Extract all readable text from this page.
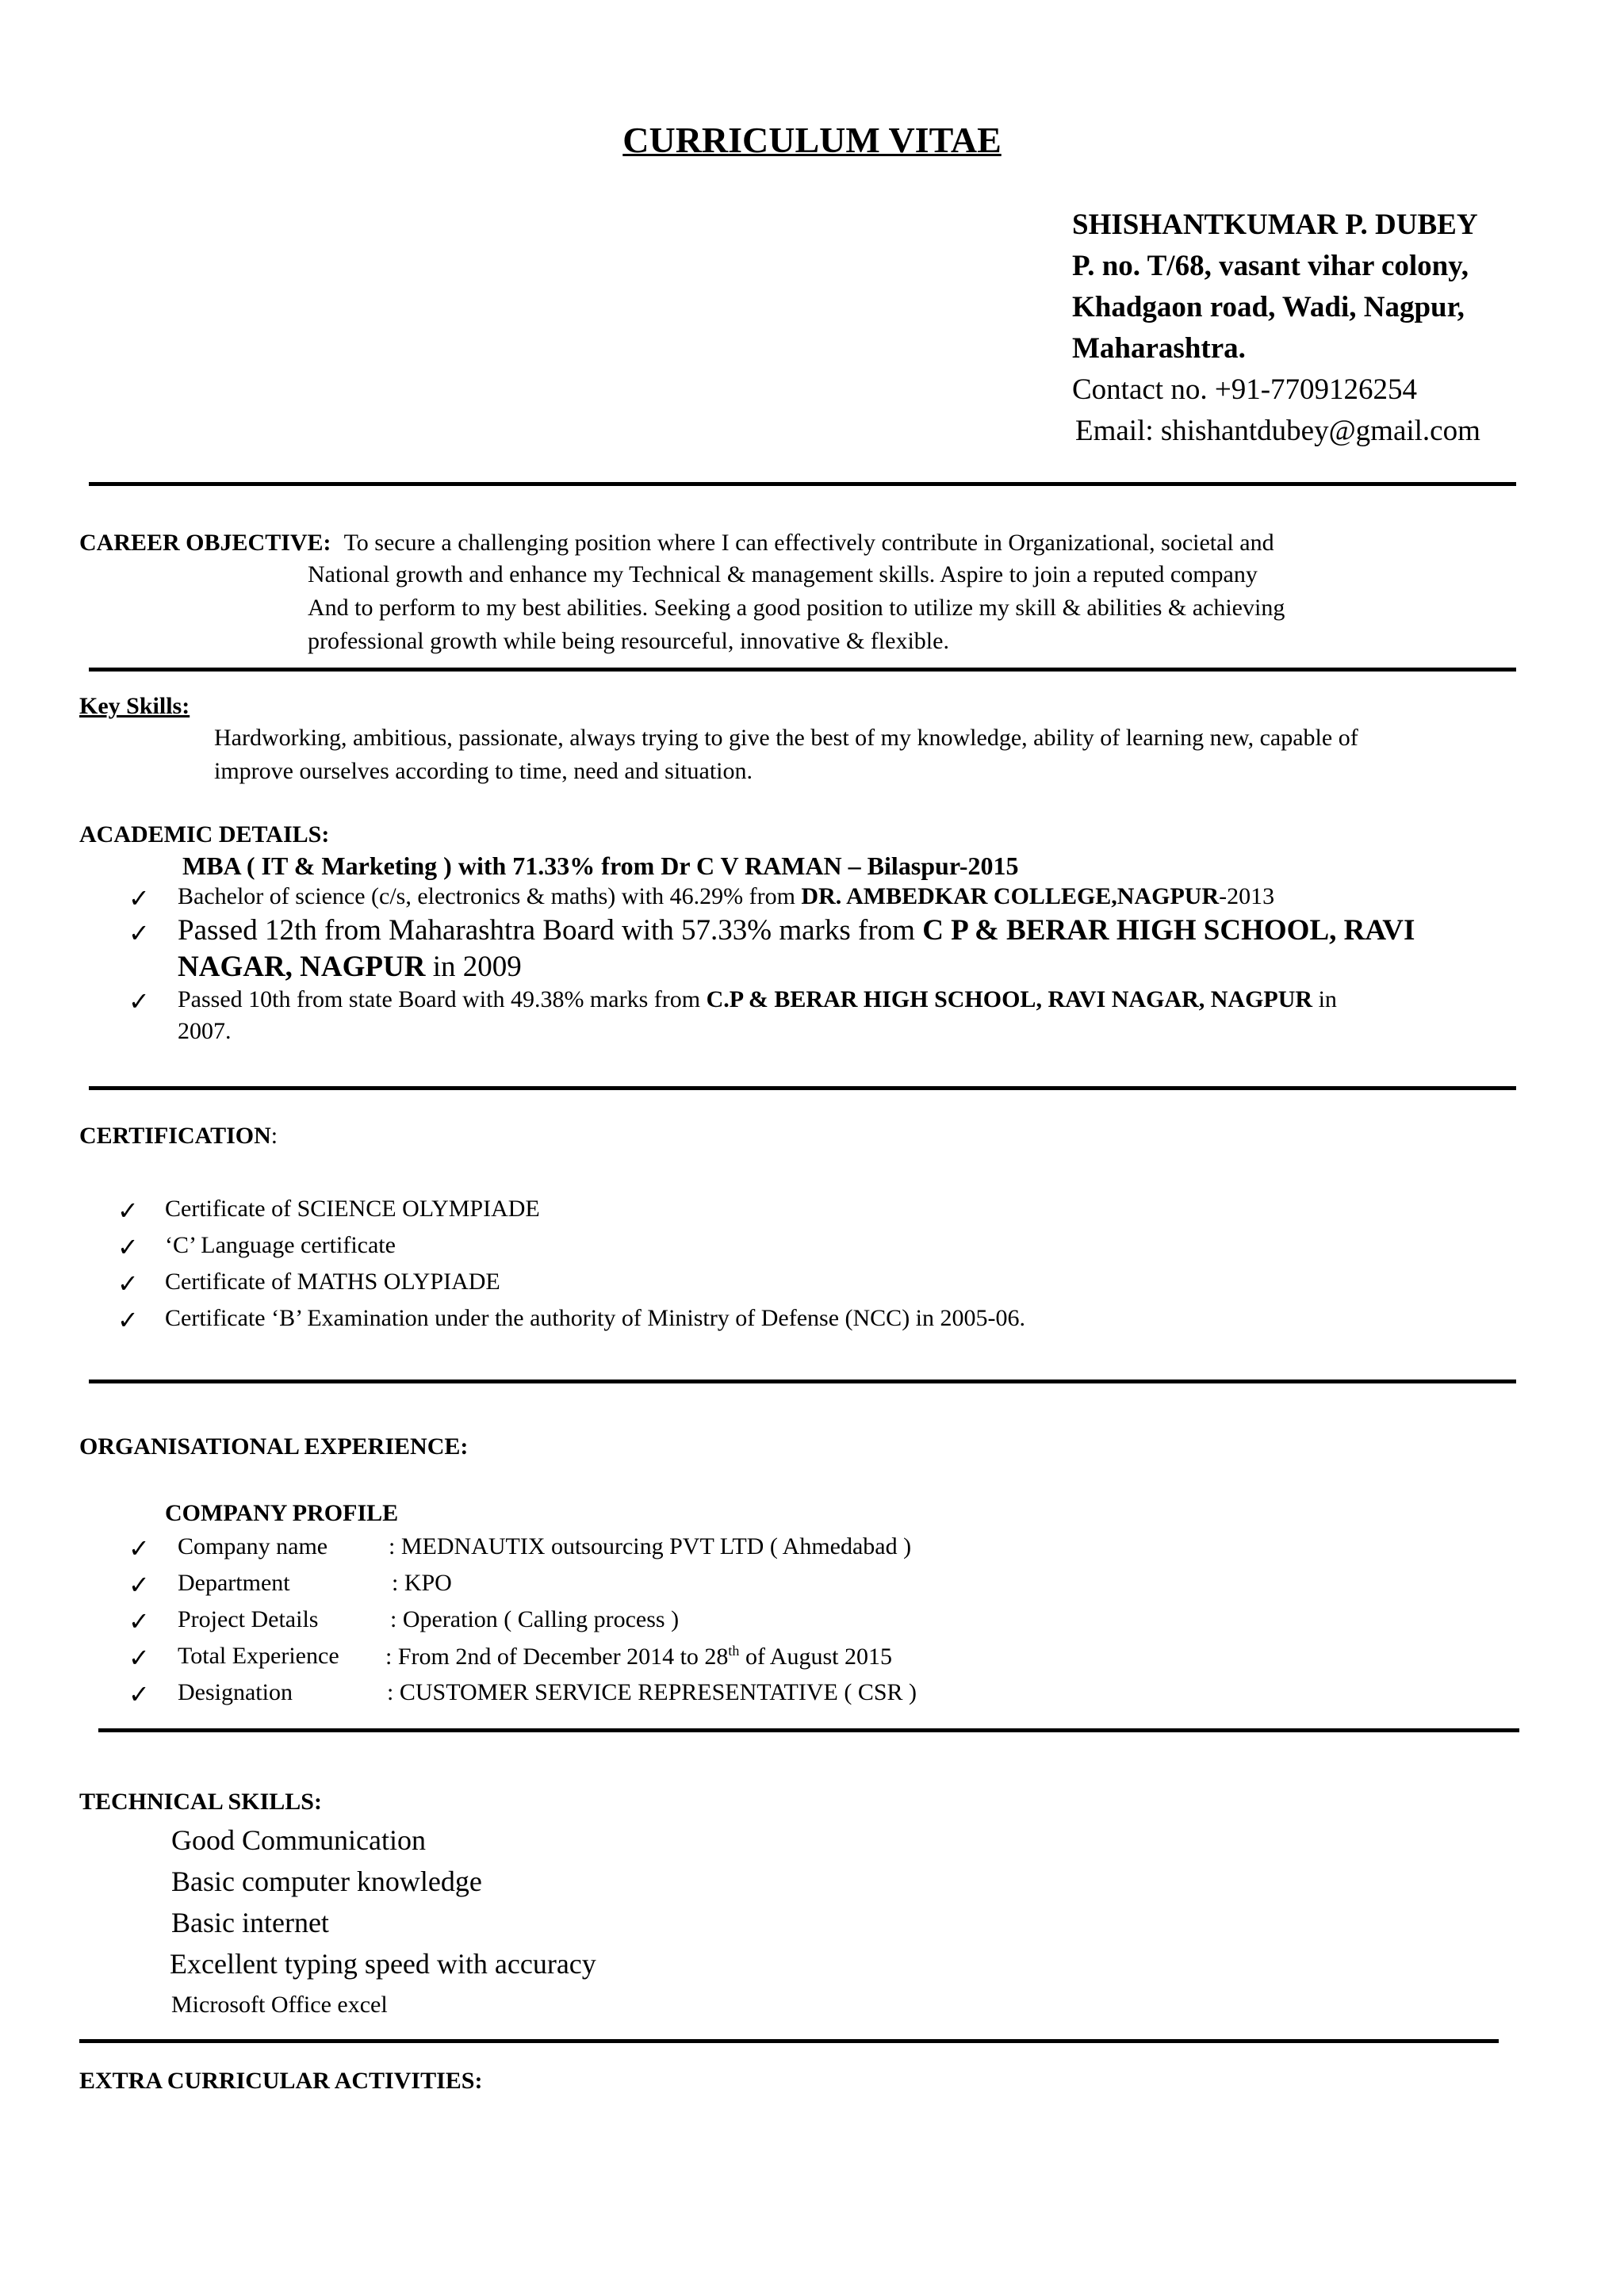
CURRICULUM VITAE
SHISHANTKUMAR P. DUBEY
P. no. T/68, vasant vihar colony,
Khadgaon road, Wadi, Nagpur,
Maharashtra.
Contact no. +91-7709126254
Email: shishantdubey@gmail.com
CAREER OBJECTIVE: To secure a challenging position where I can effectively contribute in Organizational, societal and
National growth and enhance my Technical & management skills. Aspire to join a reputed company
And to perform to my best abilities. Seeking a good position to utilize my skill & abilities & achieving
professional growth while being resourceful, innovative & flexible.
Key Skills:
Hardworking, ambitious, passionate, always trying to give the best of my knowledge, ability of learning new, capable of
improve ourselves according to time, need and situation.
ACADEMIC DETAILS:
MBA ( IT & Marketing ) with 71.33% from Dr C V RAMAN – Bilaspur-2015
✓ Bachelor of science (c/s, electronics & maths) with 46.29% from DR. AMBEDKAR COLLEGE,NAGPUR-2013
✓ Passed 12th from Maharashtra Board with 57.33% marks from C P & BERAR HIGH SCHOOL, RAVI
NAGAR, NAGPUR in 2009
✓ Passed 10th from state Board with 49.38% marks from C.P & BERAR HIGH SCHOOL, RAVI NAGAR, NAGPUR in
2007.
CERTIFICATION:
✓ Certificate of SCIENCE OLYMPIADE
✓ ‘C’ Language certificate
✓ Certificate of MATHS OLYPIADE
✓ Certificate ‘B’ Examination under the authority of Ministry of Defense (NCC) in 2005-06.
ORGANISATIONAL EXPERIENCE:
COMPANY PROFILE
✓ Company name	: MEDNAUTIX outsourcing PVT LTD ( Ahmedabad )
✓ Department	: KPO
✓ Project Details	: Operation ( Calling process )
✓ Total Experience : From 2nd of December 2014 to 28th of August 2015
✓ Designation	: CUSTOMER SERVICE REPRESENTATIVE ( CSR )
TECHNICAL SKILLS:
Good Communication
Basic computer knowledge
Basic internet
Excellent typing speed with accuracy
Microsoft Office excel
EXTRA CURRICULAR ACTIVITIES:
